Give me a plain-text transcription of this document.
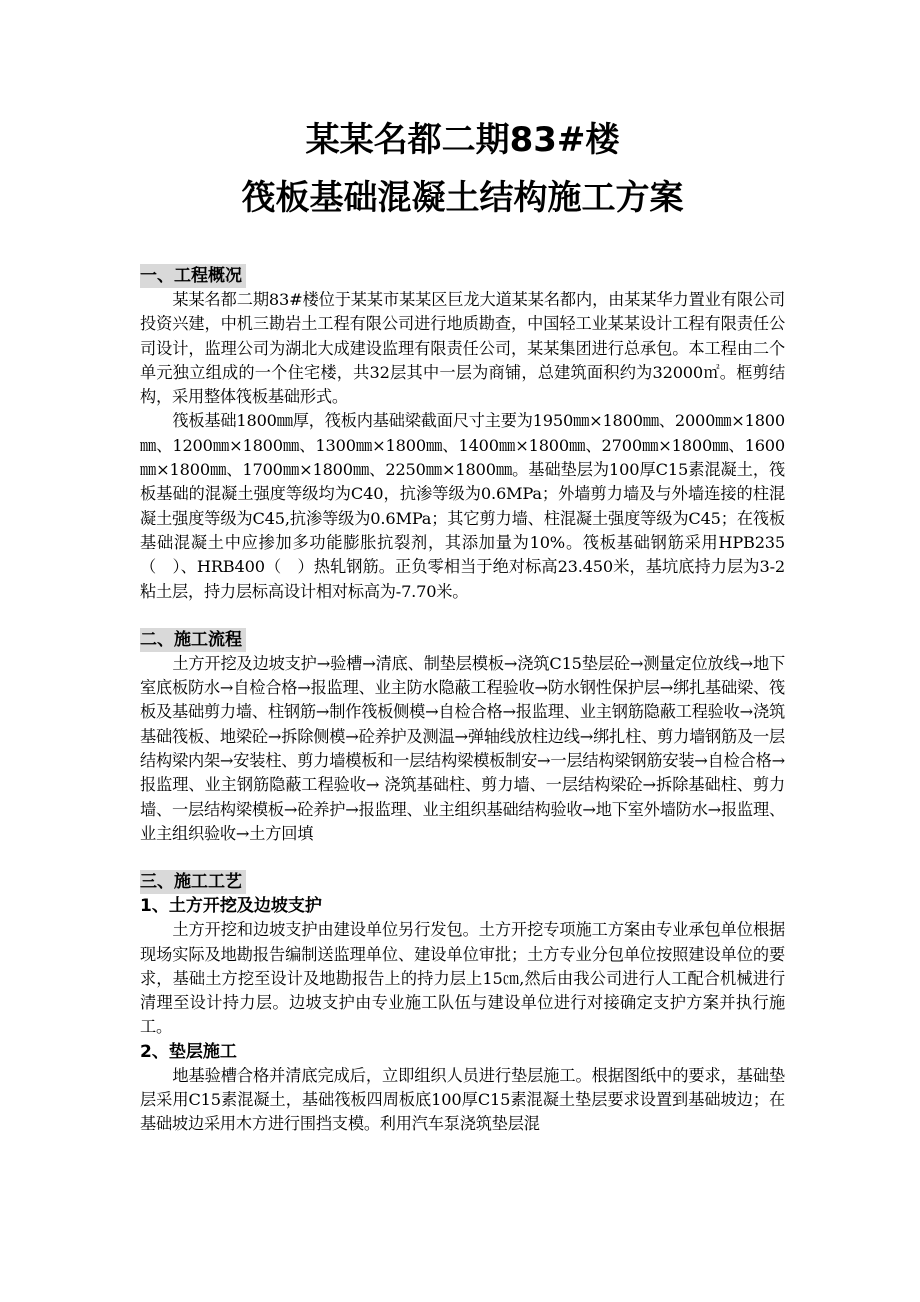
某某名都二期83#楼
筏板基础混凝土结构施工方案
一、工程概况

某某名都二期83#楼位于某某市某某区巨龙大道某某名都内，由某某华力置业有限公司投资兴建，中机三勘岩土工程有限公司进行地质勘查，中国轻工业某某设计工程有限责任公司设计，监理公司为湖北大成建设监理有限责任公司，某某集团进行总承包。本工程由二个单元独立组成的一个住宅楼，共32层其中一层为商铺，总建筑面积约为32000㎡。框剪结构，采用整体筏板基础形式。

筏板基础1800㎜厚，筏板内基础梁截面尺寸主要为1950㎜×1800㎜、2000㎜×1800㎜、1200㎜×1800㎜、1300㎜×1800㎜、1400㎜×1800㎜、2700㎜×1800㎜、1600㎜×1800㎜、1700㎜×1800㎜、2250㎜×1800㎜。基础垫层为100厚C15素混凝土，筏板基础的混凝土强度等级均为C40，抗渗等级为0.6MPa；外墙剪力墙及与外墙连接的柱混凝土强度等级为C45,抗渗等级为0.6MPa；其它剪力墙、柱混凝土强度等级为C45；在筏板基础混凝土中应掺加多功能膨胀抗裂剂，其添加量为10%。筏板基础钢筋采用HPB235（　）、HRB400（　）热轧钢筋。正负零相当于绝对标高23.450米，基坑底持力层为3-2粘土层，持力层标高设计相对标高为-7.70米。

二、施工流程

土方开挖及边坡支护→验槽→清底、制垫层模板→浇筑C15垫层砼→测量定位放线→地下室底板防水→自检合格→报监理、业主防水隐蔽工程验收→防水钢性保护层→绑扎基础梁、筏板及基础剪力墙、柱钢筋→制作筏板侧模→自检合格→报监理、业主钢筋隐蔽工程验收→浇筑基础筏板、地梁砼→拆除侧模→砼养护及测温→弹轴线放柱边线→绑扎柱、剪力墙钢筋及一层结构梁内架→安装柱、剪力墙模板和一层结构梁模板制安→一层结构梁钢筋安装→自检合格→报监理、业主钢筋隐蔽工程验收→ 浇筑基础柱、剪力墙、一层结构梁砼→拆除基础柱、剪力墙、一层结构梁模板→砼养护→报监理、业主组织基础结构验收→地下室外墙防水→报监理、业主组织验收→土方回填

三、施工工艺
1、土方开挖及边坡支护

土方开挖和边坡支护由建设单位另行发包。土方开挖专项施工方案由专业承包单位根据现场实际及地勘报告编制送监理单位、建设单位审批；土方专业分包单位按照建设单位的要求，基础土方挖至设计及地勘报告上的持力层上15㎝,然后由我公司进行人工配合机械进行清理至设计持力层。边坡支护由专业施工队伍与建设单位进行对接确定支护方案并执行施工。

2、垫层施工

地基验槽合格并清底完成后，立即组织人员进行垫层施工。根据图纸中的要求，基础垫层采用C15素混凝土，基础筏板四周板底100厚C15素混凝土垫层要求设置到基础坡边；在基础坡边采用木方进行围挡支模。利用汽车泵浇筑垫层混
